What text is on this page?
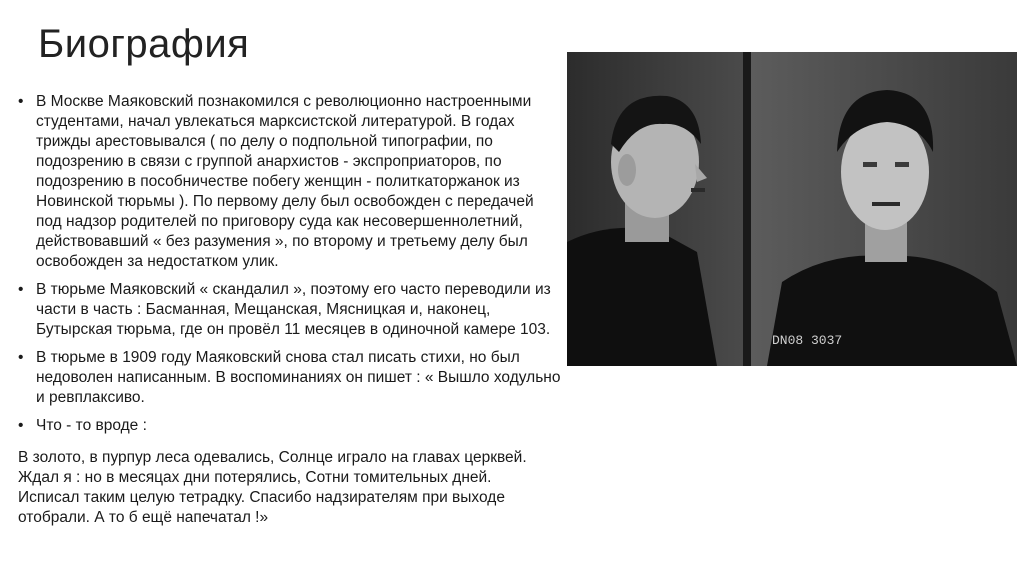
Биография
• В Москве Маяковский познакомился с революционно настроенными студентами, начал увлекаться марксистской литературой. В годах трижды арестовывался ( по делу о подпольной типографии, по подозрению в связи с группой анархистов - экспроприаторов, по подозрению в пособничестве побегу женщин - политкаторжанок из Новинской тюрьмы ). По первому делу был освобожден с передачей под надзор родителей по приговору суда как несовершеннолетний, действовавший « без разумения », по второму и третьему делу был освобожден за недостатком улик.
• В тюрьме Маяковский « скандалил », поэтому его часто переводили из части в часть : Басманная, Мещанская, Мясницкая и, наконец, Бутырская тюрьма, где он провёл 11 месяцев в одиночной камере 103.
• В тюрьме в 1909 году Маяковский снова стал писать стихи, но был недоволен написанным. В воспоминаниях он пишет : « Вышло ходульно и ревплаксиво.
• Что - то вроде :

В золото, в пурпур леса одевались, Солнце играло на главах церквей.

Ждал я : но в месяцах дни потерялись, Сотни томительных дней.

Исписал таким целую тетрадку. Спасибо надзирателям при выходе

отобрали. А то б ещё напечатал !»

DN08 3037
